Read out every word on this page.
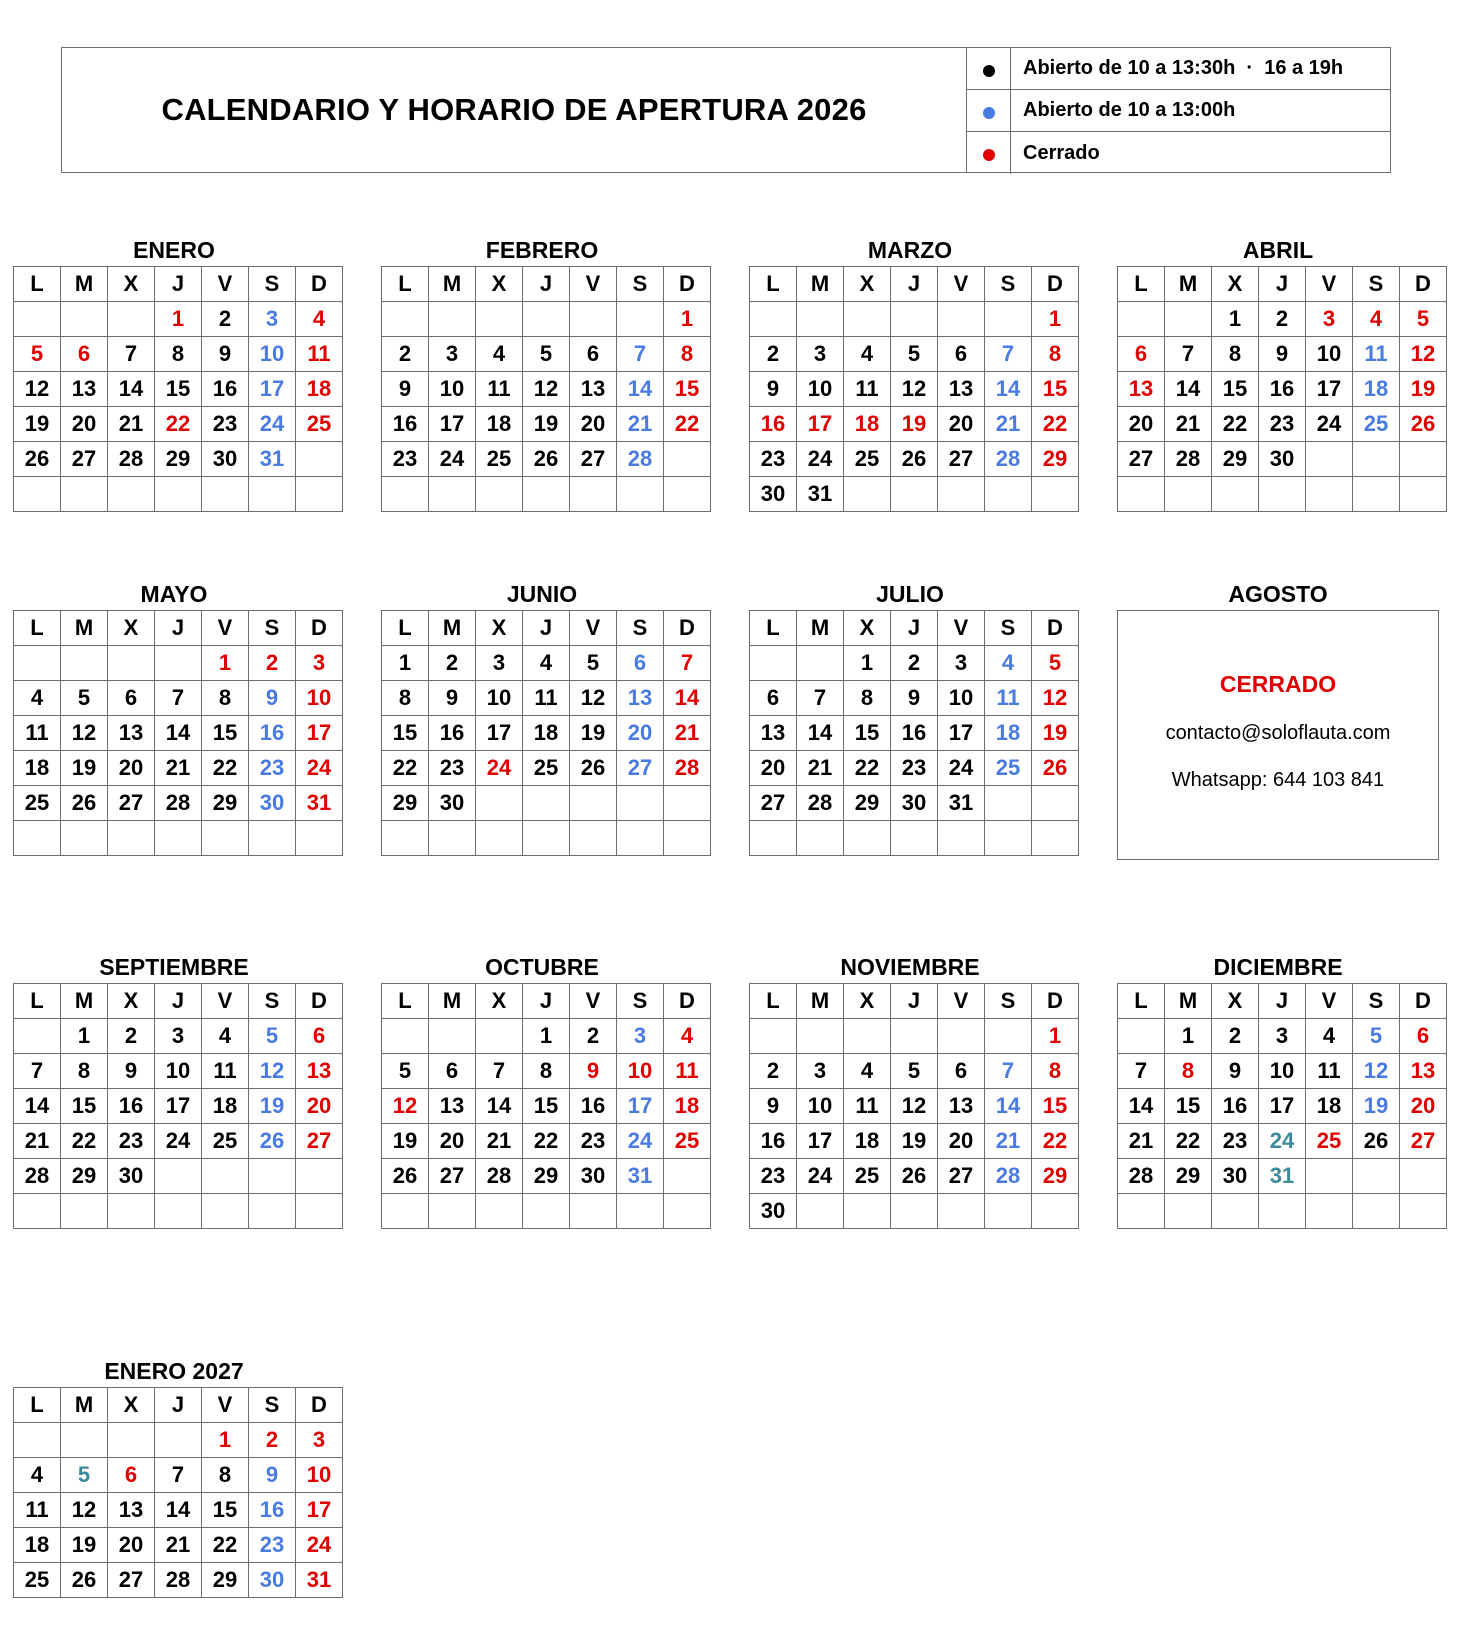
CALENDARIO Y HORARIO DE APERTURA 2026
Abierto de 10 a 13:30h  ·  16 a 19h
Abierto de 10 a 13:00h
Cerrado
ENERO
L	M	X	J	V	S	D
			1	2	3	4
5	6	7	8	9	10	11
12	13	14	15	16	17	18
19	20	21	22	23	24	25
26	27	28	29	30	31	

FEBRERO
L	M	X	J	V	S	D
						1
2	3	4	5	6	7	8
9	10	11	12	13	14	15
16	17	18	19	20	21	22
23	24	25	26	27	28	

MARZO
L	M	X	J	V	S	D
						1
2	3	4	5	6	7	8
9	10	11	12	13	14	15
16	17	18	19	20	21	22
23	24	25	26	27	28	29
30	31					
ABRIL
L	M	X	J	V	S	D
		1	2	3	4	5
6	7	8	9	10	11	12
13	14	15	16	17	18	19
20	21	22	23	24	25	26
27	28	29	30			

MAYO
L	M	X	J	V	S	D
				1	2	3
4	5	6	7	8	9	10
11	12	13	14	15	16	17
18	19	20	21	22	23	24
25	26	27	28	29	30	31

JUNIO
L	M	X	J	V	S	D
1	2	3	4	5	6	7
8	9	10	11	12	13	14
15	16	17	18	19	20	21
22	23	24	25	26	27	28
29	30					

JULIO
L	M	X	J	V	S	D
		1	2	3	4	5
6	7	8	9	10	11	12
13	14	15	16	17	18	19
20	21	22	23	24	25	26
27	28	29	30	31		

AGOSTO
CERRADO
contacto@soloflauta.com
Whatsapp: 644 103 841
SEPTIEMBRE
L	M	X	J	V	S	D
	1	2	3	4	5	6
7	8	9	10	11	12	13
14	15	16	17	18	19	20
21	22	23	24	25	26	27
28	29	30				

OCTUBRE
L	M	X	J	V	S	D
			1	2	3	4
5	6	7	8	9	10	11
12	13	14	15	16	17	18
19	20	21	22	23	24	25
26	27	28	29	30	31	

NOVIEMBRE
L	M	X	J	V	S	D
						1
2	3	4	5	6	7	8
9	10	11	12	13	14	15
16	17	18	19	20	21	22
23	24	25	26	27	28	29
30						
DICIEMBRE
L	M	X	J	V	S	D
	1	2	3	4	5	6
7	8	9	10	11	12	13
14	15	16	17	18	19	20
21	22	23	24	25	26	27
28	29	30	31			

ENERO 2027
L	M	X	J	V	S	D
				1	2	3
4	5	6	7	8	9	10
11	12	13	14	15	16	17
18	19	20	21	22	23	24
25	26	27	28	29	30	31
